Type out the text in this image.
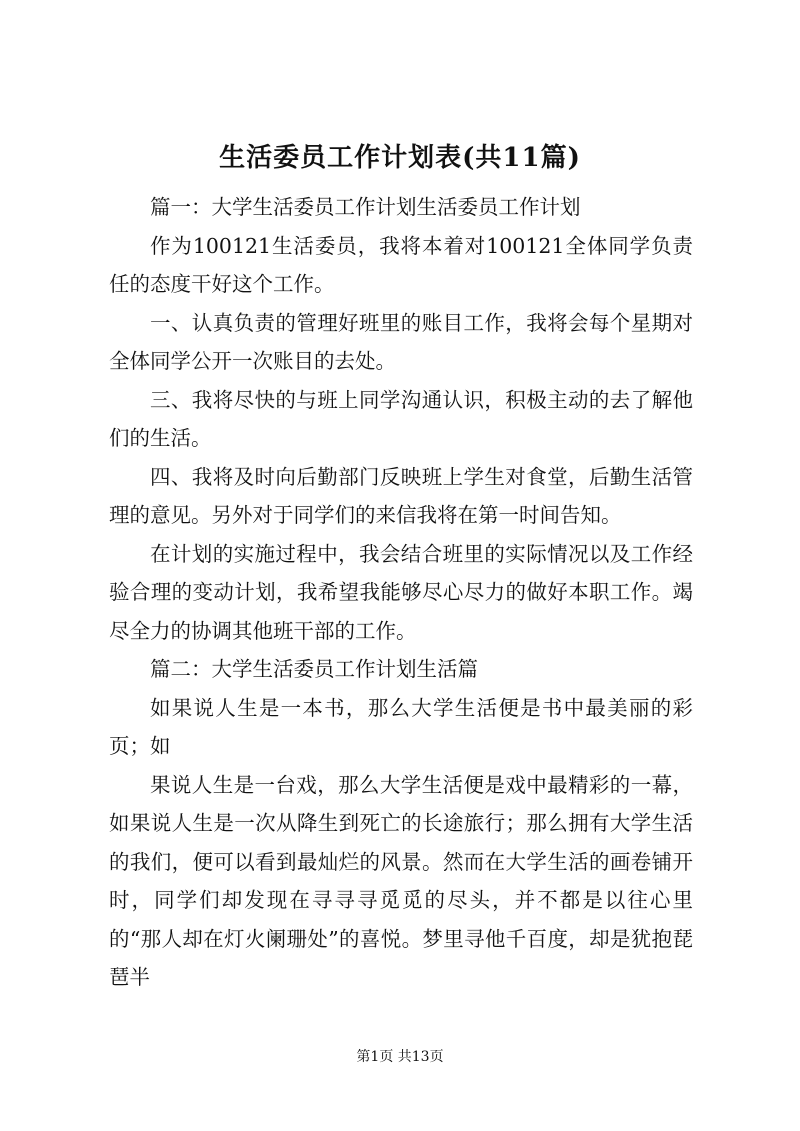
生活委员工作计划表(共11篇)

篇一：大学生活委员工作计划生活委员工作计划

作为100121生活委员，我将本着对100121全体同学负责任的态度干好这个工作。

一、认真负责的管理好班里的账目工作，我将会每个星期对全体同学公开一次账目的去处。

三、我将尽快的与班上同学沟通认识，积极主动的去了解他们的生活。

四、我将及时向后勤部门反映班上学生对食堂，后勤生活管理的意见。另外对于同学们的来信我将在第一时间告知。

在计划的实施过程中，我会结合班里的实际情况以及工作经验合理的变动计划，我希望我能够尽心尽力的做好本职工作。竭尽全力的协调其他班干部的工作。

篇二：大学生活委员工作计划生活篇

如果说人生是一本书，那么大学生活便是书中最美丽的彩页；如

果说人生是一台戏，那么大学生活便是戏中最精彩的一幕，如果说人生是一次从降生到死亡的长途旅行；那么拥有大学生活的我们，便可以看到最灿烂的风景。然而在大学生活的画卷铺开时，同学们却发现在寻寻寻觅觅的尽头，并不都是以往心里的“那人却在灯火阑珊处”的喜悦。梦里寻他千百度，却是犹抱琵琶半

第1页 共13页
